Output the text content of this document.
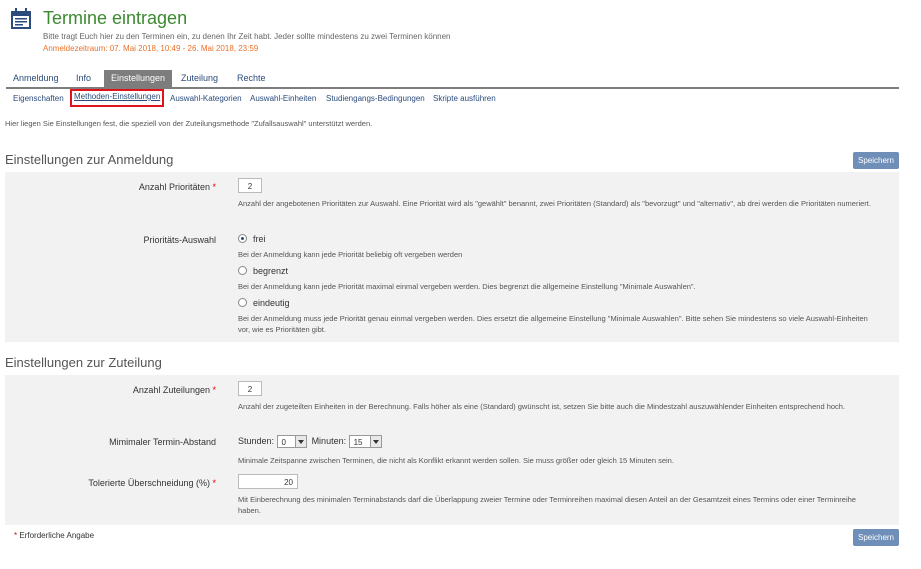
Termine eintragen
Bitte tragt Euch hier zu den Terminen ein, zu denen Ihr Zeit habt. Jeder sollte mindestens zu zwei Terminen können
Anmeldezeitraum: 07. Mai 2018, 10:49 - 26. Mai 2018, 23:59
Anmeldung	Info	Einstellungen	Zuteilung	Rechte
Eigenschaften	Methoden-Einstellungen	Auswahl-Kategorien Auswahl-Einheiten Studiengangs-Bedingungen Skripte ausführen
Hier liegen Sie Einstellungen fest, die speziell von der Zuteilungsmethode "Zufallsauswahl" unterstützt werden.
Einstellungen zur Anmeldung	Speichern
Anzahl Prioritäten *	2
Anzahl der angebotenen Prioritäten zur Auswahl. Eine Priorität wird als "gewählt" benannt, zwei Prioritäten (Standard) als "bevorzugt" und "alternativ", ab drei werden die Prioritäten numeriert.
Prioritäts-Auswahl	frei
Bei der Anmeldung kann jede Priorität beliebig oft vergeben werden
begrenzt
Bei der Anmeldung kann jede Priorität maximal einmal vergeben werden. Dies begrenzt die allgemeine Einstellung "Minimale Auswahlen".
eindeutig
Bei der Anmeldung muss jede Priorität genau einmal vergeben werden. Dies ersetzt die allgemeine Einstellung "Minimale Auswahlen". Bitte sehen Sie mindestens so viele Auswahl-Einheiten vor, wie es Prioritäten gibt.
Einstellungen zur Zuteilung
Anzahl Zuteilungen *	2
Anzahl der zugeteilten Einheiten in der Berechnung. Falls höher als eine (Standard) gwünscht ist, setzen Sie bitte auch die Mindestzahl auszuwählender Einheiten entsprechend hoch.
Mimimaler Termin-Abstand Stunden: 0	Minuten: 15
Minimale Zeitspanne zwischen Terminen, die nicht als Konflikt erkannt werden sollen. Sie muss größer oder gleich 15 Minuten sein.
Tolerierte Überschneidung (%) *	20
Mit Einberechnung des minimalen Terminabstands darf die Überlappung zweier Termine oder Terminreihen maximal diesen Anteil an der Gesamtzeit eines Termins oder einer Terminreihe haben.
* Erforderliche Angabe	Speichern
